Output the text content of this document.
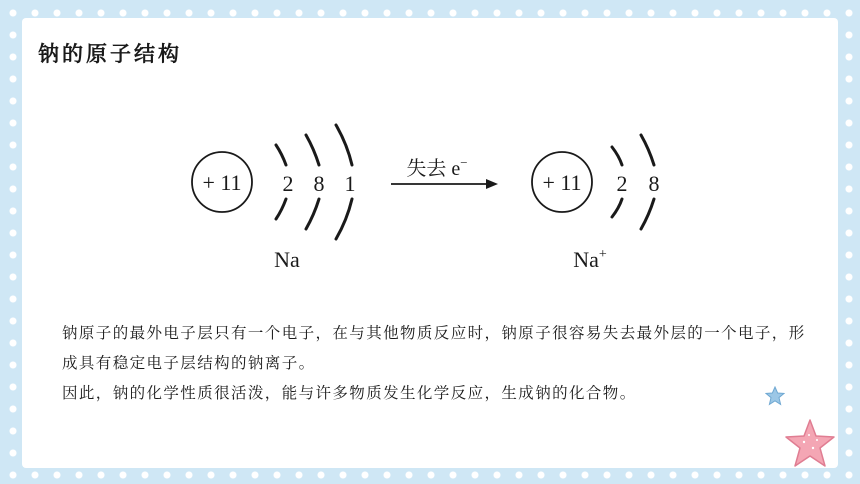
钠的原子结构
+ 11 2 8 1
Na
失去 e−
+ 11 2 8
Na+

钠原子的最外电子层只有一个电子，在与其他物质反应时，钠原子很容易失去最外层的一个电子，形成具有稳定电子层结构的钠离子。

因此，钠的化学性质很活泼，能与许多物质发生化学反应，生成钠的化合物。
